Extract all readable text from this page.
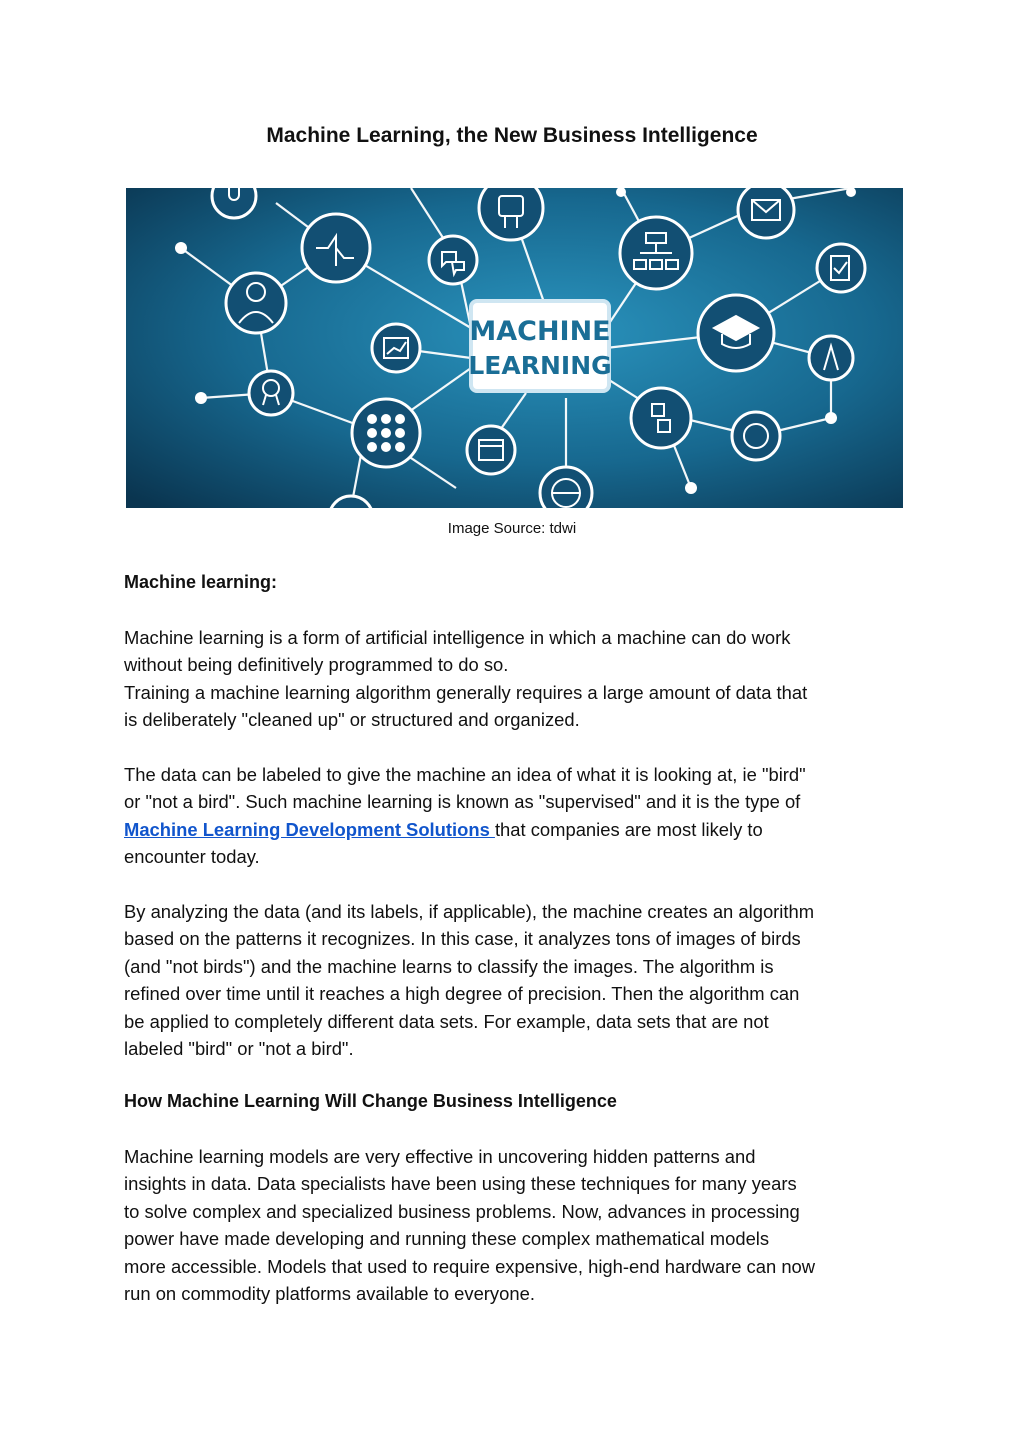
Machine Learning, the New Business Intelligence
MACHINE
LEARNING
Image Source: tdwi
Machine learning:

Machine learning is a form of artificial intelligence in which a machine can do work
without being definitively programmed to do so.
Training a machine learning algorithm generally requires a large amount of data that
is deliberately "cleaned up" or structured and organized.

The data can be labeled to give the machine an idea of what it is looking at, ie "bird"
or "not a bird". Such machine learning is known as "supervised" and it is the type of
Machine Learning Development Solutions that companies are most likely to
encounter today.

By analyzing the data (and its labels, if applicable), the machine creates an algorithm
based on the patterns it recognizes. In this case, it analyzes tons of images of birds
(and "not birds") and the machine learns to classify the images. The algorithm is
refined over time until it reaches a high degree of precision. Then the algorithm can
be applied to completely different data sets. For example, data sets that are not
labeled "bird" or "not a bird".

How Machine Learning Will Change Business Intelligence

Machine learning models are very effective in uncovering hidden patterns and
insights in data. Data specialists have been using these techniques for many years
to solve complex and specialized business problems. Now, advances in processing
power have made developing and running these complex mathematical models
more accessible. Models that used to require expensive, high-end hardware can now
run on commodity platforms available to everyone.
